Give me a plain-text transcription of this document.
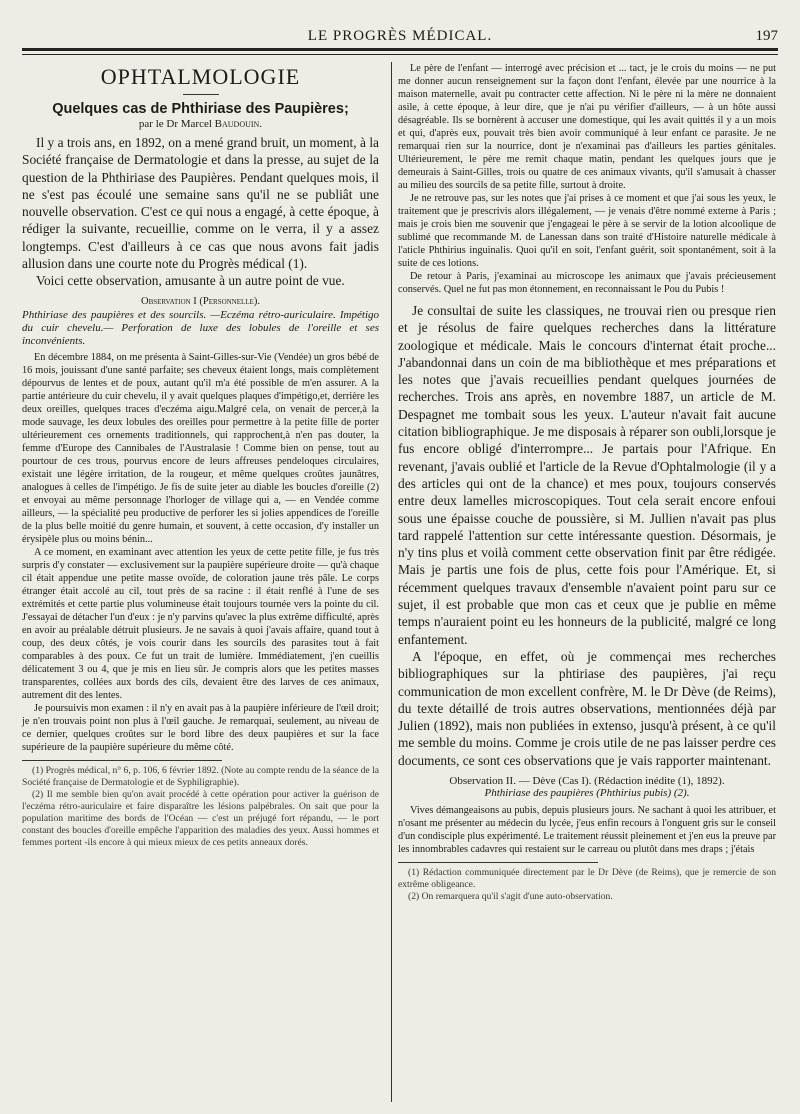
LE PROGRÈS MÉDICAL.	197
OPHTALMOLOGIE

Quelques cas de Phthiriase des Paupières;

par le Dr Marcel Baudouin.

Il y a trois ans, en 1892, on a mené grand bruit, un moment, à la Société française de Dermatologie et dans la presse, au sujet de la question de la Phthiriase des Paupières. Pendant quelques mois, il ne s'est pas écoulé une semaine sans qu'il ne se publiât une nouvelle observation. C'est ce qui nous a engagé, à cette époque, à rédiger la suivante, recueillie, comme on le verra, il y a assez longtemps. C'est d'ailleurs à ce cas que nous avons fait jadis allusion dans une courte note du Progrès médical (1).

Voici cette observation, amusante à un autre point de vue.

Observation I (Personnelle).

Phthiriase des paupières et des sourcils. —Eczéma rétro-auriculaire. Impétigo du cuir chevelu.— Perforation de luxe des lobules de l'oreille et ses inconvénients.

En décembre 1884, on me présenta à Saint-Gilles-sur-Vie (Vendée) un gros bébé de 16 mois, jouissant d'une santé parfaite; ses cheveux étaient longs, mais complètement dépourvus de lentes et de poux, autant qu'il m'a été possible de m'en assurer. A la partie antérieure du cuir chevelu, il y avait quelques plaques d'impétigo,et, derrière les deux oreilles, quelques traces d'eczéma aigu.Malgré cela, on venait de percer,à la mode sauvage, les deux lobules des oreilles pour permettre à la petite fille de porter ultérieurement ces ornements traditionnels, qui rapprochent,à n'en pas douter, la femme d'Europe des Cannibales de l'Australasie ! Comme bien on pense, tout au pourtour de ces trous, pourvus encore de leurs affreuses pendeloques circulaires, existait une légère irritation, de la rougeur, et même quelques croûtes jaunâtres, analogues à celles de l'impétigo. Je fis de suite jeter au diable les boucles d'oreille (2) et envoyai au même personnage l'horloger de village qui a, — en Vendée comme ailleurs, — la spécialité peu productive de perforer les si jolies appendices de l'oreille de la plus belle moitié du genre humain, et souvent, à cette occasion, d'y installer un érysipèle plus ou moins bénin...

A ce moment, en examinant avec attention les yeux de cette petite fille, je fus très surpris d'y constater — exclusivement sur la paupière supérieure droite — qu'à chaque cil était appendue une petite masse ovoïde, de coloration jaune très pâle. Le corps étranger était accolé au cil, tout près de sa racine : il était renflé à l'une de ses extrémités et cette partie plus volumineuse était toujours tournée vers la pointe du cil. J'essayai de détacher l'un d'eux : je n'y parvins qu'avec la plus extrême difficulté, après en avoir au préalable détruit plusieurs. Je ne savais à quoi j'avais affaire, quand tout à coup, des deux côtés, je vois courir dans les sourcils des parasites tout à fait comparables à des poux. Ce fut un trait de lumière. Immédiatement, j'en cueillis délicatement 3 ou 4, que je mis en lieu sûr. Je compris alors que les petites masses transparentes, collées aux bords des cils, devaient être des larves de ces animaux, autrement dit des lentes.

Je poursuivis mon examen : il n'y en avait pas à la paupière inférieure de l'œil droit; je n'en trouvais point non plus à l'œil gauche. Je remarquai, seulement, au niveau de ce dernier, quelques croûtes sur le bord libre des deux paupières et sur la face supérieure de la paupière supérieure du même côté.

(1) Progrès médical, n° 6, p. 106, 6 février 1892. (Note au compte rendu de la séance de la Société française de Dermatologie et de Syphiligraphie).

(2) Il me semble bien qu'on avait procédé à cette opération pour activer la guérison de l'eczéma rétro-auriculaire et faire disparaître les lésions palpébrales. On sait que pour la population maritime des bords de l'Océan — c'est un préjugé fort répandu, — le port constant des boucles d'oreille empêche l'apparition des maladies des yeux. Aussi hommes et femmes portent -ils encore à qui mieux mieux de ces petits anneaux dorés.

Le père de l'enfant — interrogé avec précision et ... tact, je le crois du moins — ne put me donner aucun renseignement sur la façon dont l'enfant, élevée par une nourrice à la maison maternelle, avait pu contracter cette affection. Ni le père ni la mère ne donnaient asile, à cette époque, à leur dire, que je n'ai pu vérifier d'ailleurs, — à un hôte aussi désagréable. Ils se bornèrent à accuser une domestique, qui les avait quittés il y a un mois et qui, d'après eux, pouvait très bien avoir communiqué à leur enfant ce parasite. Je ne remarquai rien sur la nourrice, dont je n'examinai pas d'ailleurs les parties génitales. Ultérieurement, le père me remit chaque matin, pendant les quelques jours que je demeurais à Saint-Gilles, trois ou quatre de ces animaux vivants, qu'il s'amusait à chasser au milieu des sourcils de sa petite fille, surtout à droite.

Je ne retrouve pas, sur les notes que j'ai prises à ce moment et que j'ai sous les yeux, le traitement que je prescrivis alors illégalement, — je venais d'être nommé externe à Paris ; mais je crois bien me souvenir que j'engageai le père à se servir de la lotion alcoolique de sublimé que recommande M. de Lanessan dans son traité d'Histoire naturelle médicale à l'aticle Phthirius inguinalis. Quoi qu'il en soit, l'enfant guérit, soit spontanément, soit à la suite de ces lotions.

De retour à Paris, j'examinai au microscope les animaux que j'avais précieusement conservés. Quel ne fut pas mon étonnement, en reconnaissant le Pou du Pubis !

Je consultai de suite les classiques, ne trouvai rien ou presque rien et je résolus de faire quelques recherches dans la littérature zoologique et médicale. Mais le concours d'internat était proche... J'abandonnai dans un coin de ma bibliothèque et mes préparations et les notes que j'avais recueillies pendant quelques journées de recherches. Trois ans après, en novembre 1887, un article de M. Despagnet me tombait sous les yeux. L'auteur n'avait fait aucune citation bibliographique. Je me disposais à réparer son oubli,lorsque je fus encore obligé d'interrompre... Je partais pour l'Afrique. En revenant, j'avais oublié et l'article de la Revue d'Ophtalmologie (il y a des articles qui ont de la chance) et mes poux, toujours conservés entre deux lamelles microscopiques. Tout cela serait encore enfoui sous une épaisse couche de poussière, si M. Jullien n'avait pas plus tard rappelé l'attention sur cette intéressante question. Désormais, je n'y tins plus et voilà comment cette observation finit par être rédigée. Mais je partis une fois de plus, cette fois pour l'Amérique. Et, si récemment quelques travaux d'ensemble n'avaient point paru sur ce sujet, il est probable que mon cas et ceux que je publie en même temps n'auraient point eu les honneurs de la publicité, malgré ce long enfantement.

A l'époque, en effet, où je commençai mes recherches bibliographiques sur la phtiriase des paupières, j'ai reçu communication de mon excellent confrère, M. le Dr Dève (de Reims), du texte détaillé de trois autres observations, mentionnées déjà par Julien (1892), mais non publiées in extenso, jusqu'à présent, à ce qu'il me semble du moins. Comme je crois utile de ne pas laisser perdre ces documents, ce sont ces observations que je vais rapporter maintenant.

Observation II. — Dève (Cas I). (Rédaction inédite (1), 1892).

Phthiriase des paupières (Phthirius pubis) (2).

Vives démangeaisons au pubis, depuis plusieurs jours. Ne sachant à quoi les attribuer, et n'osant me présenter au médecin du lycée, j'eus enfin recours à l'onguent gris sur le conseil d'un condisciple plus expérimenté. Le traitement réussit pleinement et j'en eus la preuve par les innombrables cadavres qui restaient sur le carreau ou plutôt dans mes draps ; j'étais

(1) Rédaction communiquée directement par le Dr Dève (de Reims), que je remercie de son extrême obligeance.

(2) On remarquera qu'il s'agit d'une auto-observation.
